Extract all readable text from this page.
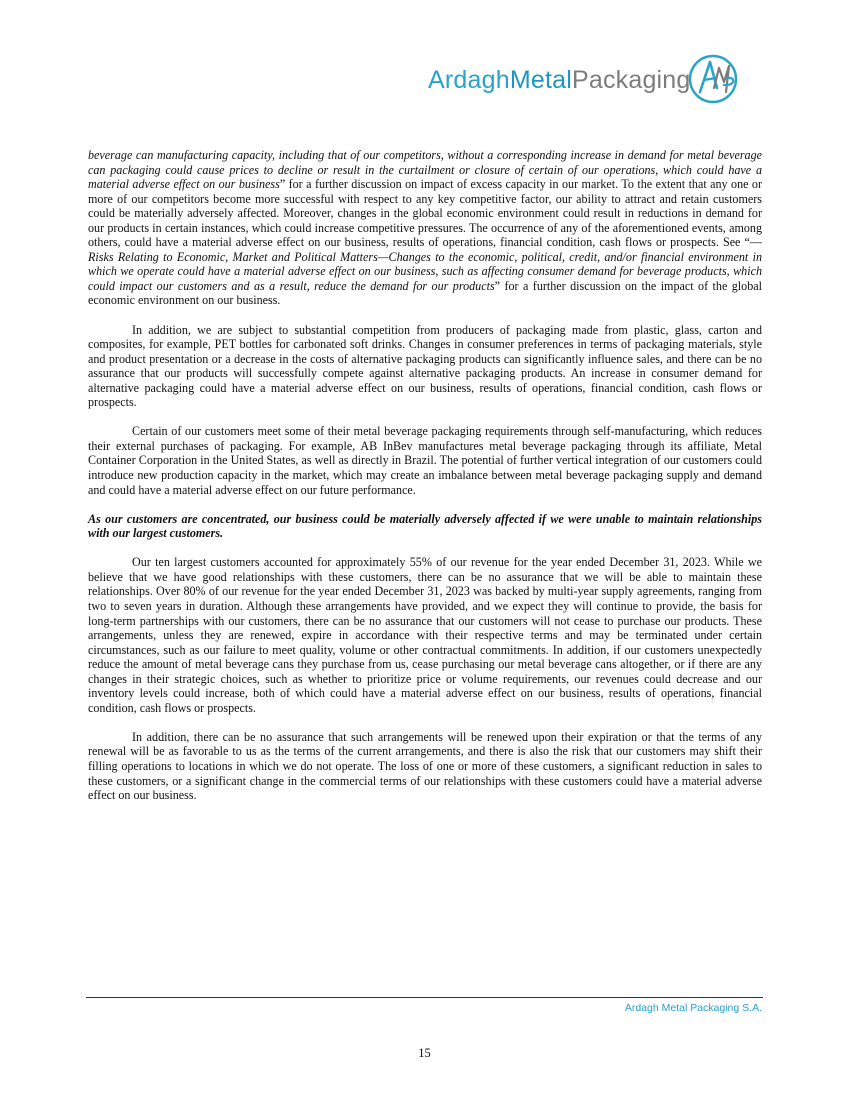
ArdaghMetalPackaging

beverage can manufacturing capacity, including that of our competitors, without a corresponding increase in demand for metal beverage can packaging could cause prices to decline or result in the curtailment or closure of certain of our operations, which could have a material adverse effect on our business” for a further discussion on impact of excess capacity in our market. To the extent that any one or more of our competitors become more successful with respect to any key competitive factor, our ability to attract and retain customers could be materially adversely affected. Moreover, changes in the global economic environment could result in reductions in demand for our products in certain instances, which could increase competitive pressures. The occurrence of any of the aforementioned events, among others, could have a material adverse effect on our business, results of operations, financial condition, cash flows or prospects. See “—Risks Relating to Economic, Market and Political Matters—Changes to the economic, political, credit, and/or financial environment in which we operate could have a material adverse effect on our business, such as affecting consumer demand for beverage products, which could impact our customers and as a result, reduce the demand for our products” for a further discussion on the impact of the global economic environment on our business.

In addition, we are subject to substantial competition from producers of packaging made from plastic, glass, carton and composites, for example, PET bottles for carbonated soft drinks. Changes in consumer preferences in terms of packaging materials, style and product presentation or a decrease in the costs of alternative packaging products can significantly influence sales, and there can be no assurance that our products will successfully compete against alternative packaging products. An increase in consumer demand for alternative packaging could have a material adverse effect on our business, results of operations, financial condition, cash flows or prospects.

Certain of our customers meet some of their metal beverage packaging requirements through self-manufacturing, which reduces their external purchases of packaging. For example, AB InBev manufactures metal beverage packaging through its affiliate, Metal Container Corporation in the United States, as well as directly in Brazil. The potential of further vertical integration of our customers could introduce new production capacity in the market, which may create an imbalance between metal beverage packaging supply and demand and could have a material adverse effect on our future performance.

As our customers are concentrated, our business could be materially adversely affected if we were unable to maintain relationships with our largest customers.

Our ten largest customers accounted for approximately 55% of our revenue for the year ended December 31, 2023. While we believe that we have good relationships with these customers, there can be no assurance that we will be able to maintain these relationships. Over 80% of our revenue for the year ended December 31, 2023 was backed by multi-year supply agreements, ranging from two to seven years in duration. Although these arrangements have provided, and we expect they will continue to provide, the basis for long-term partnerships with our customers, there can be no assurance that our customers will not cease to purchase our products. These arrangements, unless they are renewed, expire in accordance with their respective terms and may be terminated under certain circumstances, such as our failure to meet quality, volume or other contractual commitments. In addition, if our customers unexpectedly reduce the amount of metal beverage cans they purchase from us, cease purchasing our metal beverage cans altogether, or if there are any changes in their strategic choices, such as whether to prioritize price or volume requirements, our revenues could decrease and our inventory levels could increase, both of which could have a material adverse effect on our business, results of operations, financial condition, cash flows or prospects.

In addition, there can be no assurance that such arrangements will be renewed upon their expiration or that the terms of any renewal will be as favorable to us as the terms of the current arrangements, and there is also the risk that our customers may shift their filling operations to locations in which we do not operate. The loss of one or more of these customers, a significant reduction in sales to these customers, or a significant change in the commercial terms of our relationships with these customers could have a material adverse effect on our business.

Ardagh Metal Packaging S.A.
15
